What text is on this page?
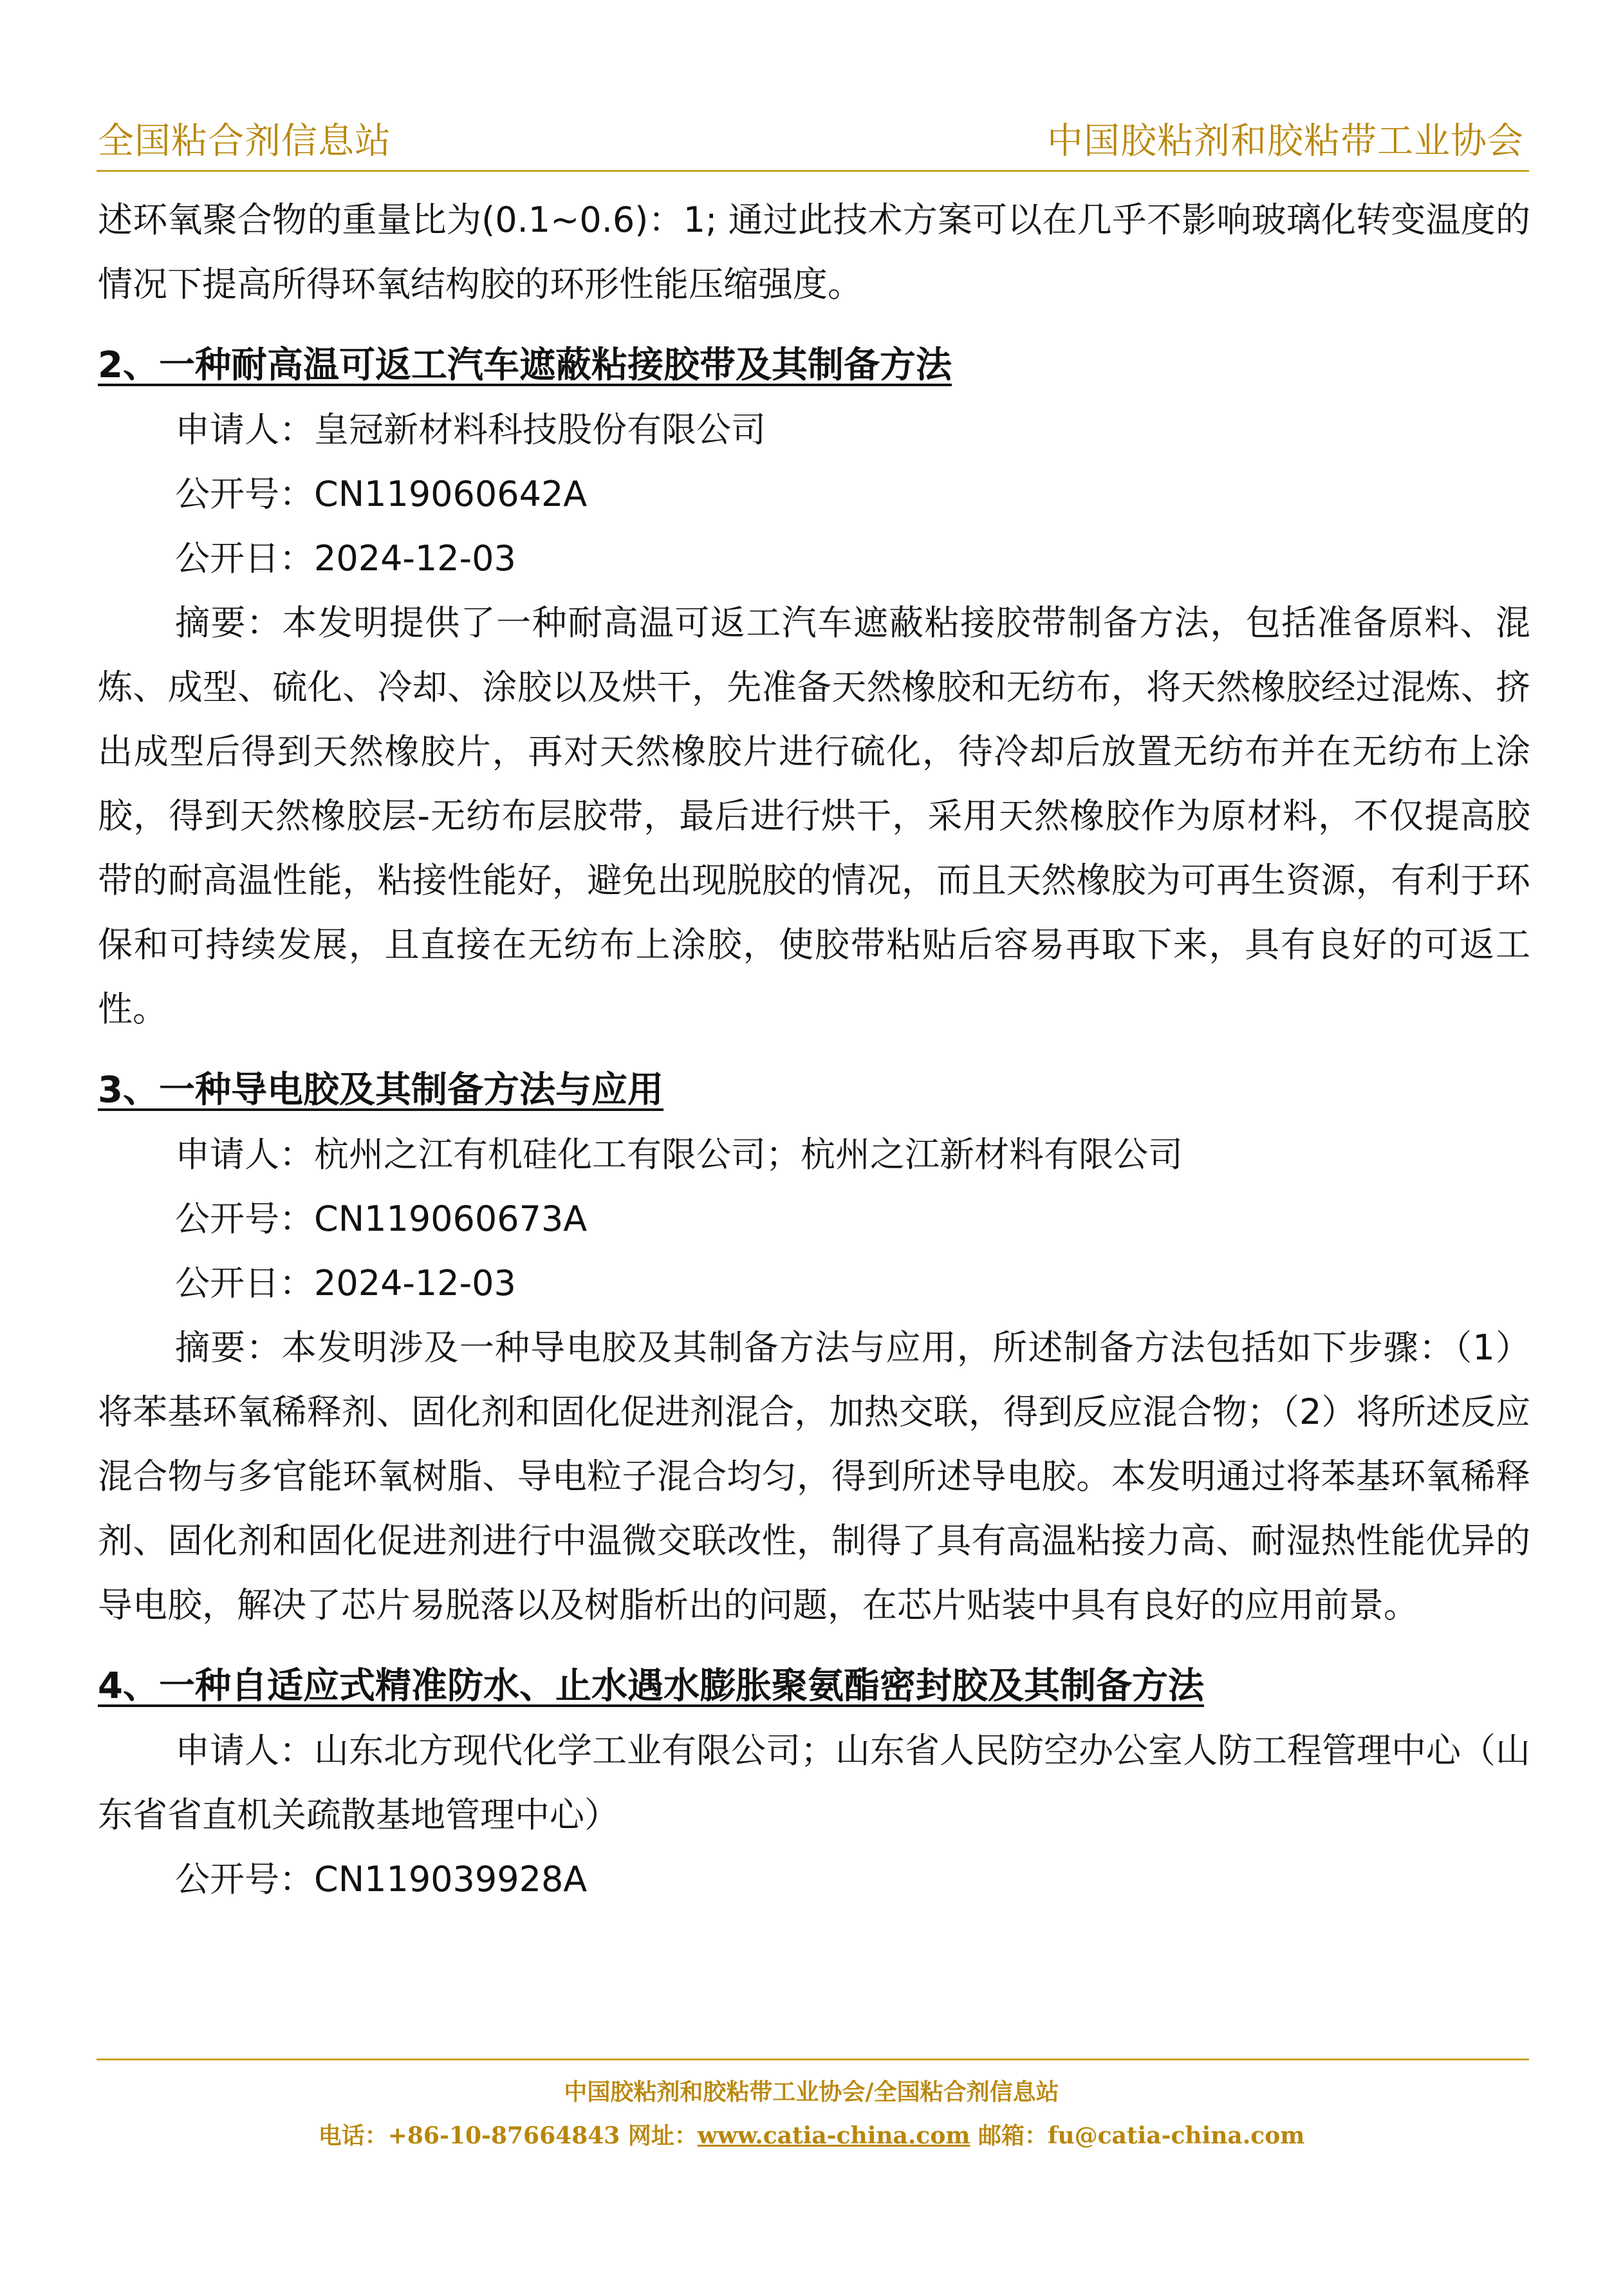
全国粘合剂信息站	中国胶粘剂和胶粘带工业协会

述环氧聚合物的重量比为(0.1~0.6)：1; 通过此技术方案可以在几乎不影响玻璃化转变温度的情况下提高所得环氧结构胶的环形性能压缩强度。

2、一种耐高温可返工汽车遮蔽粘接胶带及其制备方法

申请人：皇冠新材料科技股份有限公司

公开号：CN119060642A

公开日：2024-12-03

摘要：本发明提供了一种耐高温可返工汽车遮蔽粘接胶带制备方法，包括准备原料、混炼、成型、硫化、冷却、涂胶以及烘干，先准备天然橡胶和无纺布，将天然橡胶经过混炼、挤出成型后得到天然橡胶片，再对天然橡胶片进行硫化，待冷却后放置无纺布并在无纺布上涂胶，得到天然橡胶层-无纺布层胶带，最后进行烘干，采用天然橡胶作为原材料，不仅提高胶带的耐高温性能，粘接性能好，避免出现脱胶的情况，而且天然橡胶为可再生资源，有利于环保和可持续发展，且直接在无纺布上涂胶，使胶带粘贴后容易再取下来，具有良好的可返工性。

3、一种导电胶及其制备方法与应用

申请人：杭州之江有机硅化工有限公司；杭州之江新材料有限公司

公开号：CN119060673A

公开日：2024-12-03

摘要：本发明涉及一种导电胶及其制备方法与应用，所述制备方法包括如下步骤：（1）将苯基环氧稀释剂、固化剂和固化促进剂混合，加热交联，得到反应混合物；（2）将所述反应混合物与多官能环氧树脂、导电粒子混合均匀，得到所述导电胶。本发明通过将苯基环氧稀释剂、固化剂和固化促进剂进行中温微交联改性，制得了具有高温粘接力高、耐湿热性能优异的导电胶，解决了芯片易脱落以及树脂析出的问题，在芯片贴装中具有良好的应用前景。

4、一种自适应式精准防水、止水遇水膨胀聚氨酯密封胶及其制备方法

申请人：山东北方现代化学工业有限公司；山东省人民防空办公室人防工程管理中心（山东省省直机关疏散基地管理中心）

公开号：CN119039928A

中国胶粘剂和胶粘带工业协会/全国粘合剂信息站
电话：+86-10-87664843 网址：www.catia-china.com 邮箱：fu@catia-china.com
